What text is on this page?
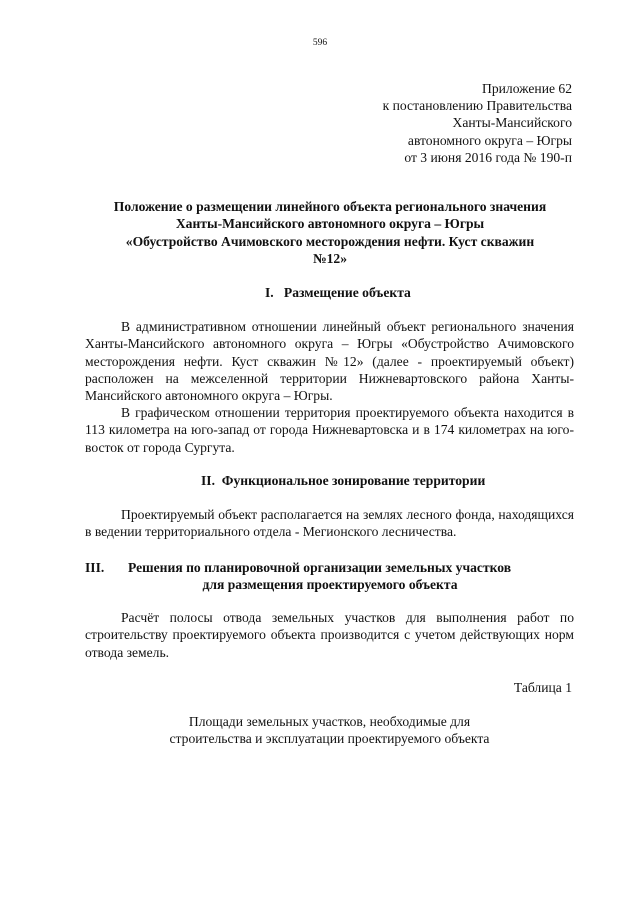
596
Приложение 62
к постановлению Правительства
Ханты-Мансийского
автономного округа – Югры
от 3 июня 2016 года № 190-п
Положение о размещении линейного объекта регионального значения
Ханты-Мансийского автономного округа – Югры
«Обустройство Ачимовского месторождения нефти. Куст скважин
№12»
I.   Размещение объекта
В административном отношении линейный объект регионального значения Ханты-Мансийского автономного округа – Югры «Обустройство Ачимовского месторождения нефти. Куст скважин №12» (далее - проектируемый объект) расположен на межселенной территории Нижневартовского района Ханты-Мансийского автономного округа – Югры.
В графическом отношении территория проектируемого объекта находится в 113 километра на юго-запад от города Нижневартовска и в 174 километрах на юго-восток от города Сургута.
II.  Функциональное зонирование территории
Проектируемый объект располагается на землях лесного фонда, находящихся в ведении территориального отдела - Мегионского лесничества.
III. Решения по планировочной организации земельных участков
для размещения проектируемого объекта
Расчёт полосы отвода земельных участков для выполнения работ по строительству проектируемого объекта производится с учетом действующих норм отвода земель.
Таблица 1
Площади земельных участков, необходимые для
строительства и эксплуатации проектируемого объекта
